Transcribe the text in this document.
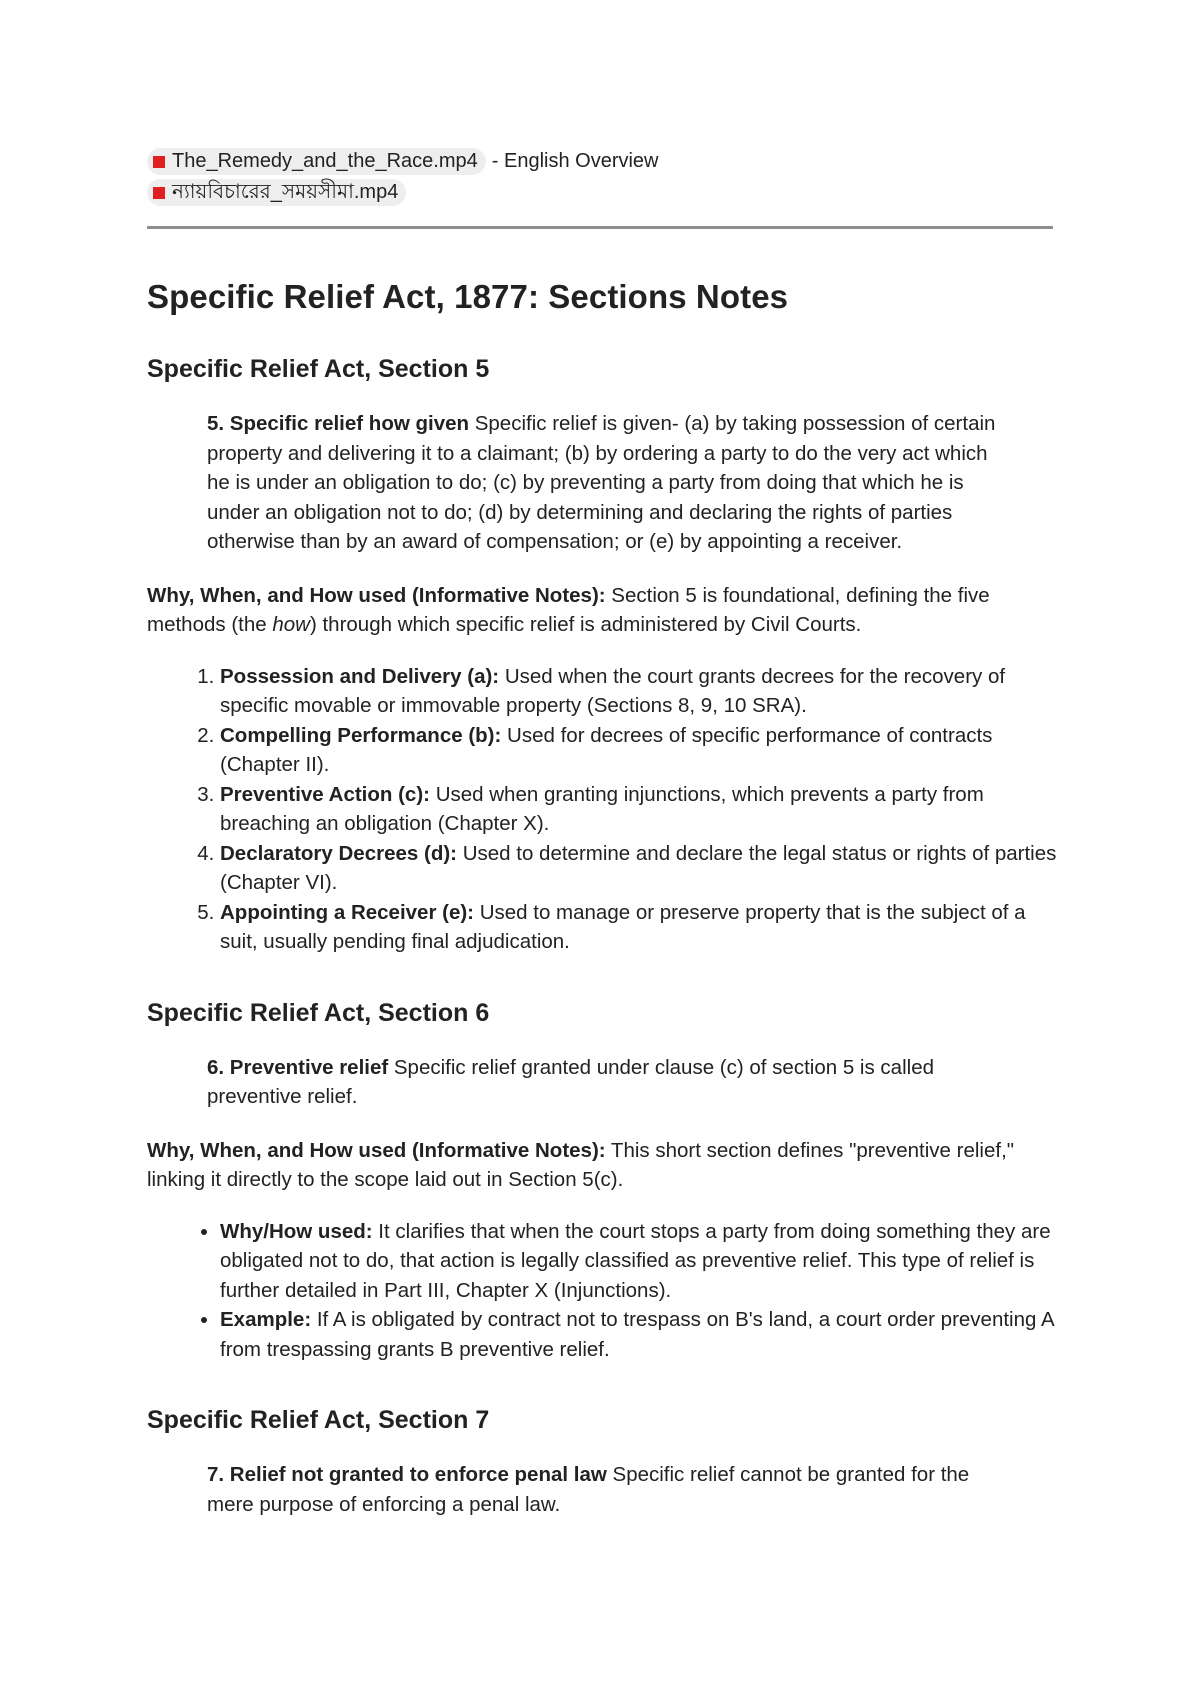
The_Remedy_and_the_Race.mp4 - English Overview
ন্যায়বিচারের_সময়সীমা.mp4
Specific Relief Act, 1877: Sections Notes
Specific Relief Act, Section 5
5. Specific relief how given Specific relief is given- (a) by taking possession of certain property and delivering it to a claimant; (b) by ordering a party to do the very act which he is under an obligation to do; (c) by preventing a party from doing that which he is under an obligation not to do; (d) by determining and declaring the rights of parties otherwise than by an award of compensation; or (e) by appointing a receiver.
Why, When, and How used (Informative Notes): Section 5 is foundational, defining the five methods (the how) through which specific relief is administered by Civil Courts.
1. Possession and Delivery (a): Used when the court grants decrees for the recovery of specific movable or immovable property (Sections 8, 9, 10 SRA).
2. Compelling Performance (b): Used for decrees of specific performance of contracts (Chapter II).
3. Preventive Action (c): Used when granting injunctions, which prevents a party from breaching an obligation (Chapter X).
4. Declaratory Decrees (d): Used to determine and declare the legal status or rights of parties (Chapter VI).
5. Appointing a Receiver (e): Used to manage or preserve property that is the subject of a suit, usually pending final adjudication.
Specific Relief Act, Section 6
6. Preventive relief Specific relief granted under clause (c) of section 5 is called preventive relief.
Why, When, and How used (Informative Notes): This short section defines "preventive relief," linking it directly to the scope laid out in Section 5(c).
• Why/How used: It clarifies that when the court stops a party from doing something they are obligated not to do, that action is legally classified as preventive relief. This type of relief is further detailed in Part III, Chapter X (Injunctions).
• Example: If A is obligated by contract not to trespass on B's land, a court order preventing A from trespassing grants B preventive relief.
Specific Relief Act, Section 7
7. Relief not granted to enforce penal law Specific relief cannot be granted for the mere purpose of enforcing a penal law.
